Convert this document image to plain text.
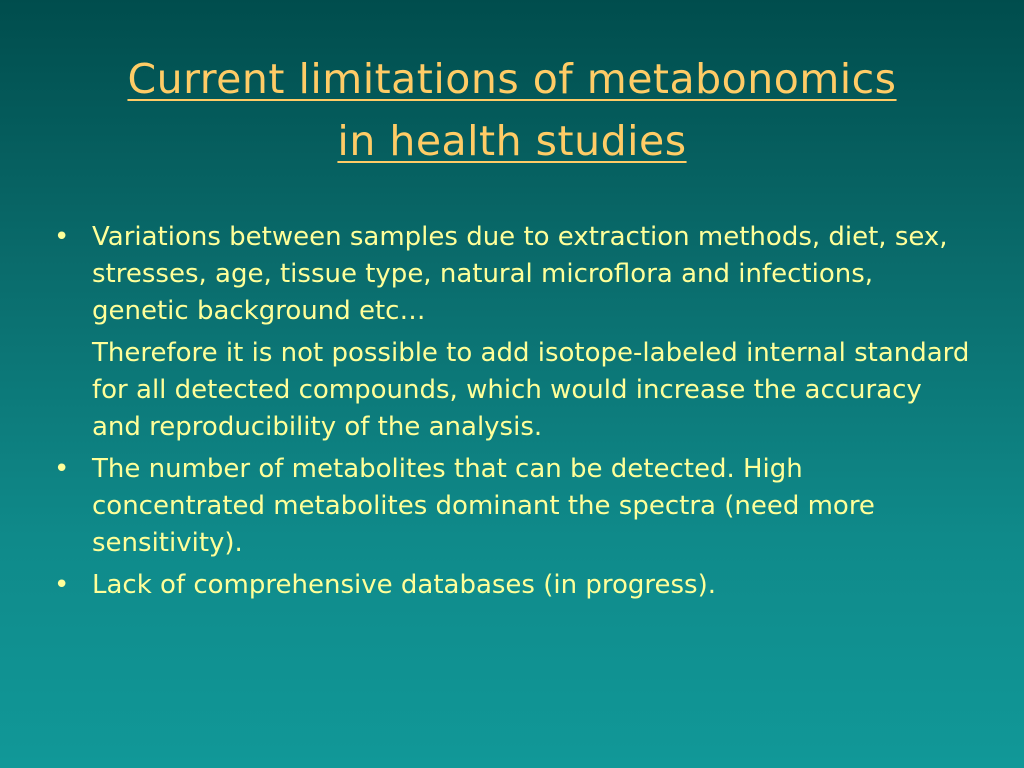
Current limitations of metabonomics
in health studies
• Variations between samples due to extraction methods, diet, sex, stresses, age, tissue type, natural microflora and infections, genetic background etc…
Therefore it is not possible to add isotope-labeled internal standard for all detected compounds, which would increase the accuracy and reproducibility of the analysis.
• The number of metabolites that can be detected. High concentrated metabolites dominant the spectra (need more sensitivity).
• Lack of comprehensive databases (in progress).
